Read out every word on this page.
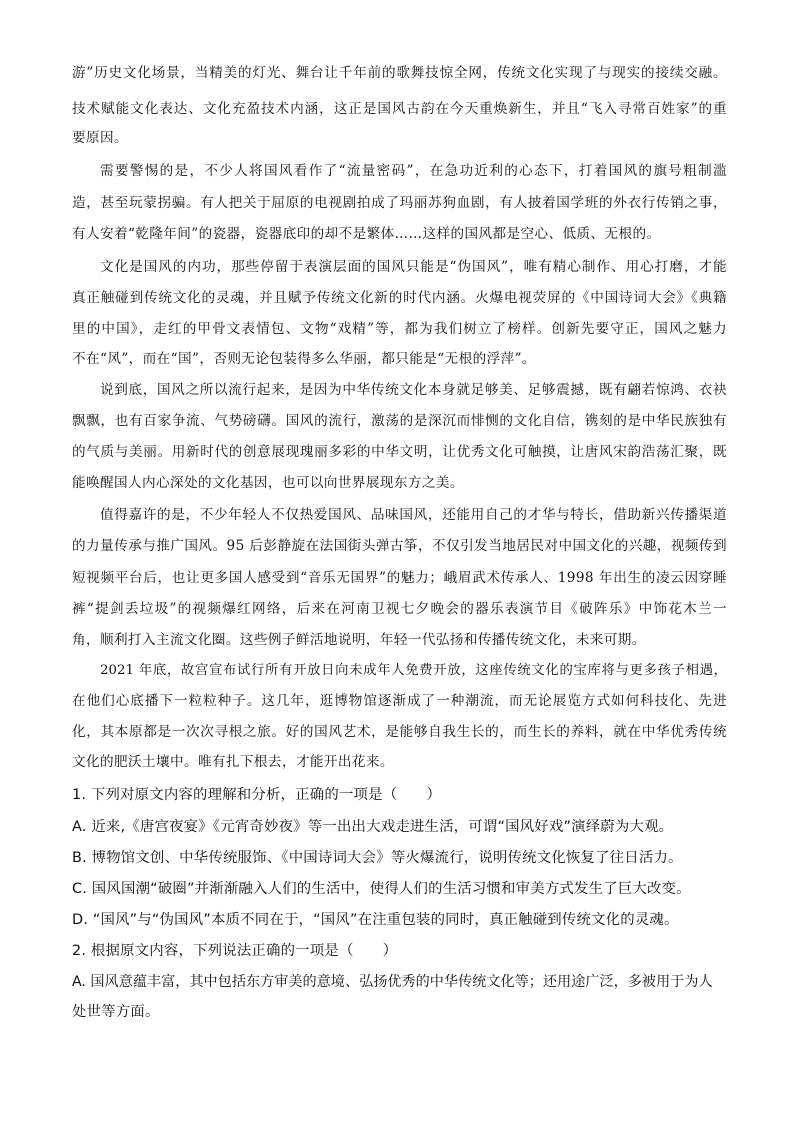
游”历史文化场景，当精美的灯光、舞台让千年前的歌舞技惊全网，传统文化实现了与现实的接续交融。
技术赋能文化表达、文化充盈技术内涵，这正是国风古韵在今天重焕新生，并且“飞入寻常百姓家”的重
要原因。
需要警惕的是，不少人将国风看作了“流量密码”，在急功近利的心态下，打着国风的旗号粗制滥
造，甚至玩蒙拐骗。有人把关于屈原的电视剧拍成了玛丽苏狗血剧，有人披着国学班的外衣行传销之事，
有人安着“乾隆年间”的瓷器，瓷器底印的却不是繁体……这样的国风都是空心、低质、无根的。
文化是国风的内功，那些停留于表演层面的国风只能是“伪国风”，唯有精心制作、用心打磨，才能
真正触碰到传统文化的灵魂，并且赋予传统文化新的时代内涵。火爆电视荧屏的《中国诗词大会》《典籍
里的中国》，走红的甲骨文表情包、文物“戏精”等，都为我们树立了榜样。创新先要守正，国风之魅力
不在“风”，而在“国”，否则无论包装得多么华丽，都只能是“无根的浮萍”。
说到底，国风之所以流行起来，是因为中华传统文化本身就足够美、足够震撼，既有翩若惊鸿、衣袂
飘飘，也有百家争流、气势磅礴。国风的流行，激荡的是深沉而悱恻的文化自信，镌刻的是中华民族独有
的气质与美丽。用新时代的创意展现瑰丽多彩的中华文明，让优秀文化可触摸，让唐风宋韵浩荡汇聚，既
能唤醒国人内心深处的文化基因，也可以向世界展现东方之美。
值得嘉许的是，不少年轻人不仅热爱国风、品味国风，还能用自己的才华与特长，借助新兴传播渠道
的力量传承与推广国风。95 后彭静旋在法国街头弹古筝，不仅引发当地居民对中国文化的兴趣，视频传到
短视频平台后，也让更多国人感受到“音乐无国界”的魅力；峨眉武术传承人、1998 年出生的凌云因穿睡
裤“提剑丢垃圾”的视频爆红网络，后来在河南卫视七夕晚会的器乐表演节目《破阵乐》中饰花木兰一
角，顺利打入主流文化圈。这些例子鲜活地说明，年轻一代弘扬和传播传统文化，未来可期。
2021 年底，故宫宣布试行所有开放日向未成年人免费开放，这座传统文化的宝库将与更多孩子相遇，
在他们心底播下一粒粒种子。这几年，逛博物馆逐渐成了一种潮流，而无论展览方式如何科技化、先进
化，其本原都是一次次寻根之旅。好的国风艺术，是能够自我生长的，而生长的养料，就在中华优秀传统
文化的肥沃土壤中。唯有扎下根去，才能开出花来。
1. 下列对原文内容的理解和分析，正确的一项是（　　）
A. 近来,《唐宫夜宴》《元宵奇妙夜》等一出出大戏走进生活，可谓“国风好戏”演绎蔚为大观。
B. 博物馆文创、中华传统服饰、《中国诗词大会》等火爆流行，说明传统文化恢复了往日活力。
C. 国风国潮“破圈”并渐渐融入人们的生活中，使得人们的生活习惯和审美方式发生了巨大改变。
D. “国风”与“伪国风”本质不同在于，“国风”在注重包装的同时，真正触碰到传统文化的灵魂。
2. 根据原文内容，下列说法正确的一项是（　　）
A. 国风意蕴丰富，其中包括东方审美的意境、弘扬优秀的中华传统文化等；还用途广泛，多被用于为人
处世等方面。
